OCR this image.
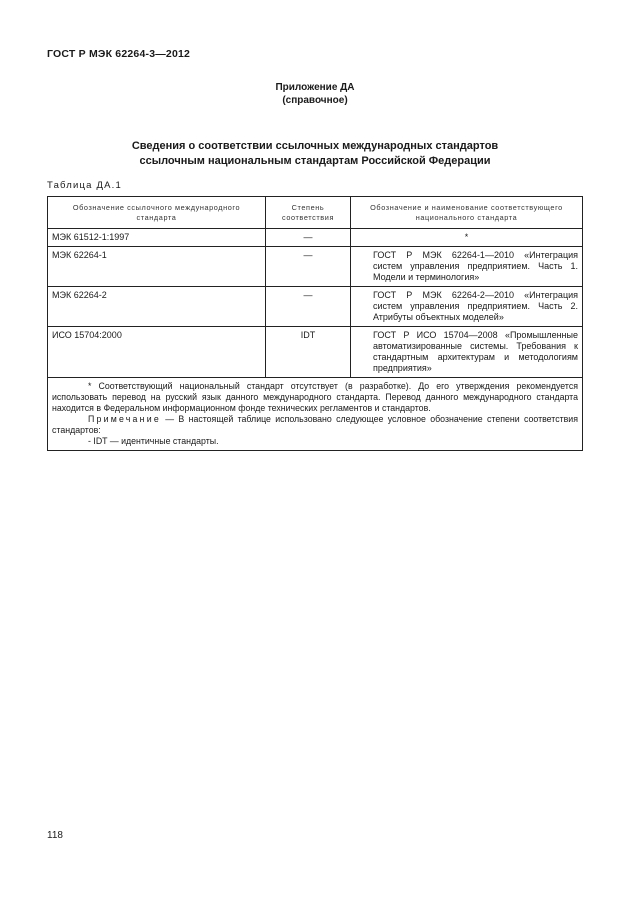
ГОСТ Р МЭК 62264-3—2012
Приложение ДА
(справочное)
Сведения о соответствии ссылочных международных стандартов
ссылочным национальным стандартам Российской Федерации
Таблица ДА.1
Обозначение ссылочного международного стандарта	Степень соответствия	Обозначение и наименование соответствующего национального стандарта
МЭК 61512-1:1997	—	*
МЭК 62264-1	—	ГОСТ Р МЭК 62264-1—2010 «Интеграция систем управления предприятием. Часть 1. Модели и терминология»

МЭК 62264-2	—	ГОСТ Р МЭК 62264-2—2010 «Интеграция систем управления предприятием. Часть 2. Атрибуты объектных моделей»

ИСО 15704:2000	IDT	ГОСТ Р ИСО 15704—2008 «Промышленные автоматизированные системы. Требования к стандартным архитектурам и методологиям предприятия»

* Соответствующий национальный стандарт отсутствует (в разработке). До его утверждения рекомендуется использовать перевод на русский язык данного международного стандарта. Перевод данного международного стандарта находится в Федеральном информационном фонде технических регламентов и стандартов.

Примечание — В настоящей таблице использовано следующее условное обозначение степени соответствия стандартов:

- IDT — идентичные стандарты.		

118
